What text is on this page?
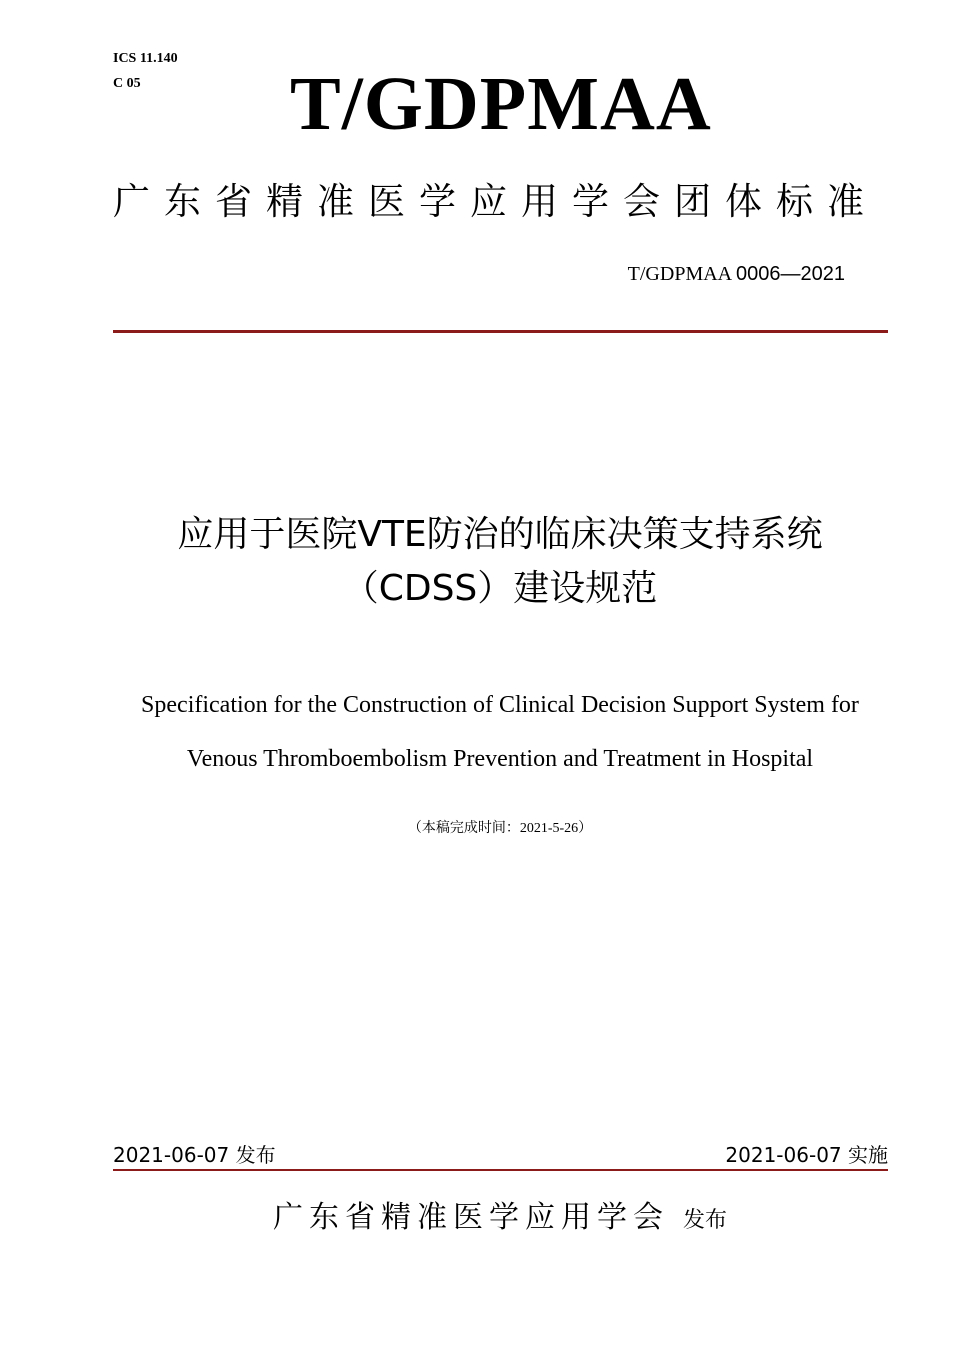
ICS 11.140
C 05 T/GDPMAA
广东省精准医学应用学会团体标准
T/GDPMAA 0006—2021
应用于医院VTE防治的临床决策支持系统
（CDSS）建设规范
Specification for the Construction of Clinical Decision Support System for
Venous Thromboembolism Prevention and Treatment in Hospital
（本稿完成时间：2021-5-26）
2021-06-07 发布	2021-06-07 实施
广东省精准医学应用学会 发布
